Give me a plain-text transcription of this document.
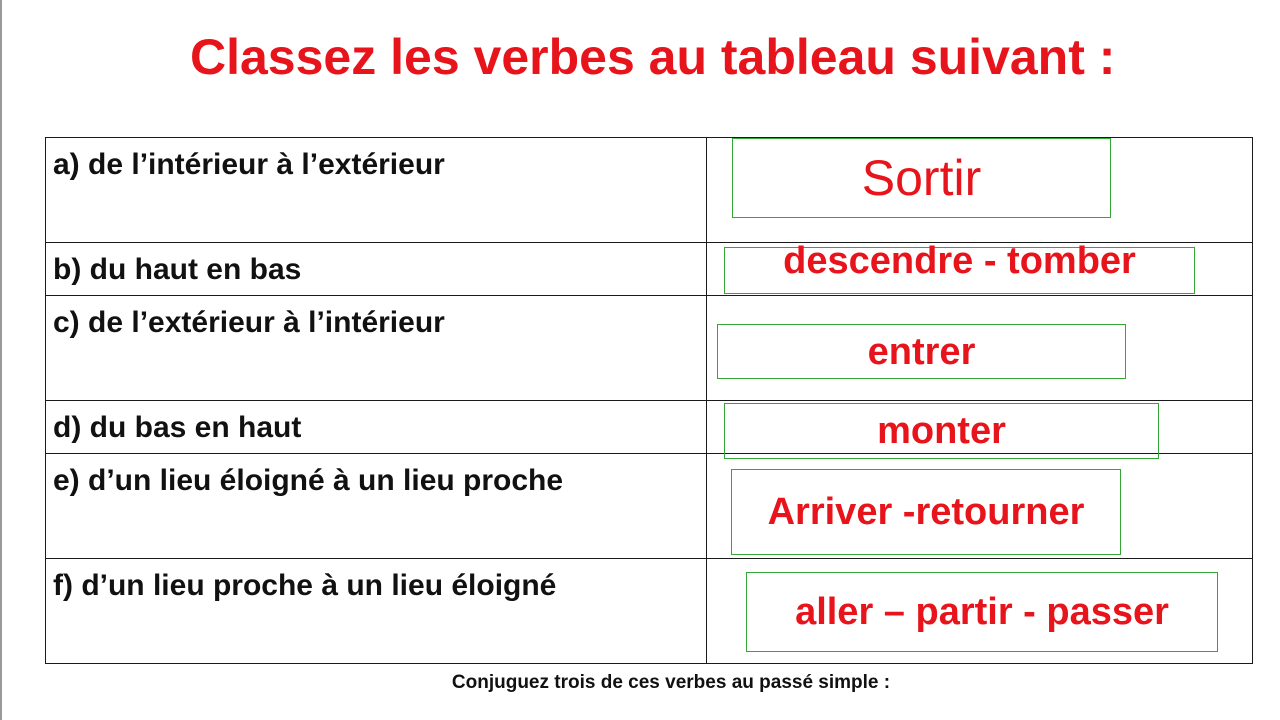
Classez les verbes au tableau suivant :
a) de l’intérieur à l’extérieur	Sortir

b) du haut en bas	descendre - tomber

c) de l’extérieur à l’intérieur	entrer

d) du bas en haut	monter

e) d’un lieu éloigné à un lieu proche	Arriver -retourner

f) d’un lieu proche à un lieu éloigné	aller – partir - passer

Conjuguez trois de ces verbes au passé simple :
